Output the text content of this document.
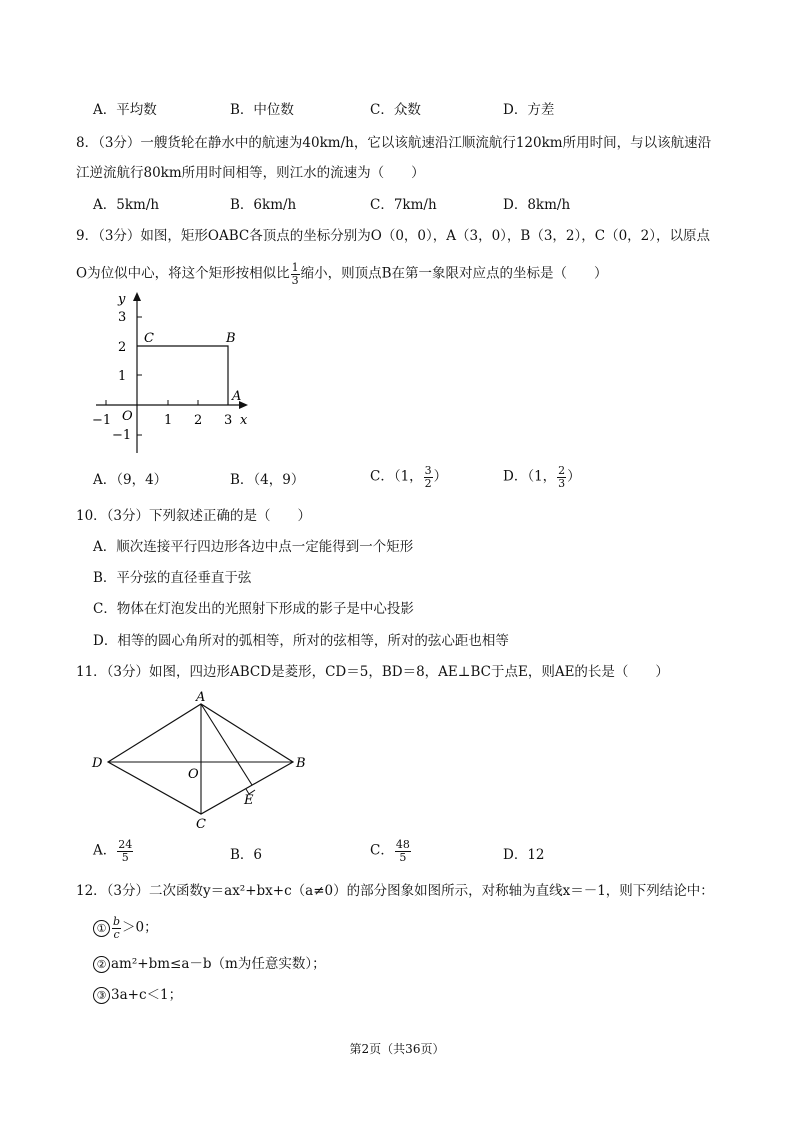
A．平均数	B．中位数	C．众数	D．方差
8．（3分）一艘货轮在静水中的航速为40km/h，它以该航速沿江顺流航行120km所用时间，与以该航速沿
江逆流航行80km所用时间相等，则江水的流速为（　　）
A．5km/h	B．6km/h	C．7km/h	D．8km/h
9．（3分）如图，矩形OABC各顶点的坐标分别为O（0，0），A（3，0），B（3，2），C（0，2），以原点
O为位似中心，将这个矩形按相似比 $\frac{1}{3}$ 缩小，则顶点B在第一象限对应点的坐标是（　　）
y
x
O
3
2
1
−1
−1	1 2 3
C	B
A
A．（9，4）	B．（4，9）	C．（1， $\frac{3}{2}$ ）	D．（1， $\frac{2}{3}$ ）
10．（3分）下列叙述正确的是（　　）
A．顺次连接平行四边形各边中点一定能得到一个矩形
B．平分弦的直径垂直于弦
C．物体在灯泡发出的光照射下形成的影子是中心投影
D．相等的圆心角所对的弧相等，所对的弦相等，所对的弦心距也相等
11．（3分）如图，四边形ABCD是菱形，CD＝5，BD＝8，AE⊥BC于点E，则AE的长是（　　）
A
B
C
D
O
E
A． $\frac{24}{5}$	B．6	C． $\frac{48}{5}$	D．12
12．（3分）二次函数y＝ax²+bx+c（a≠0）的部分图象如图所示，对称轴为直线x＝－1，则下列结论中：
① $\frac{b}{c} >0$；
② am²+bm≤a－b（m为任意实数）；
③ 3a+c＜1；
第2页（共36页）
